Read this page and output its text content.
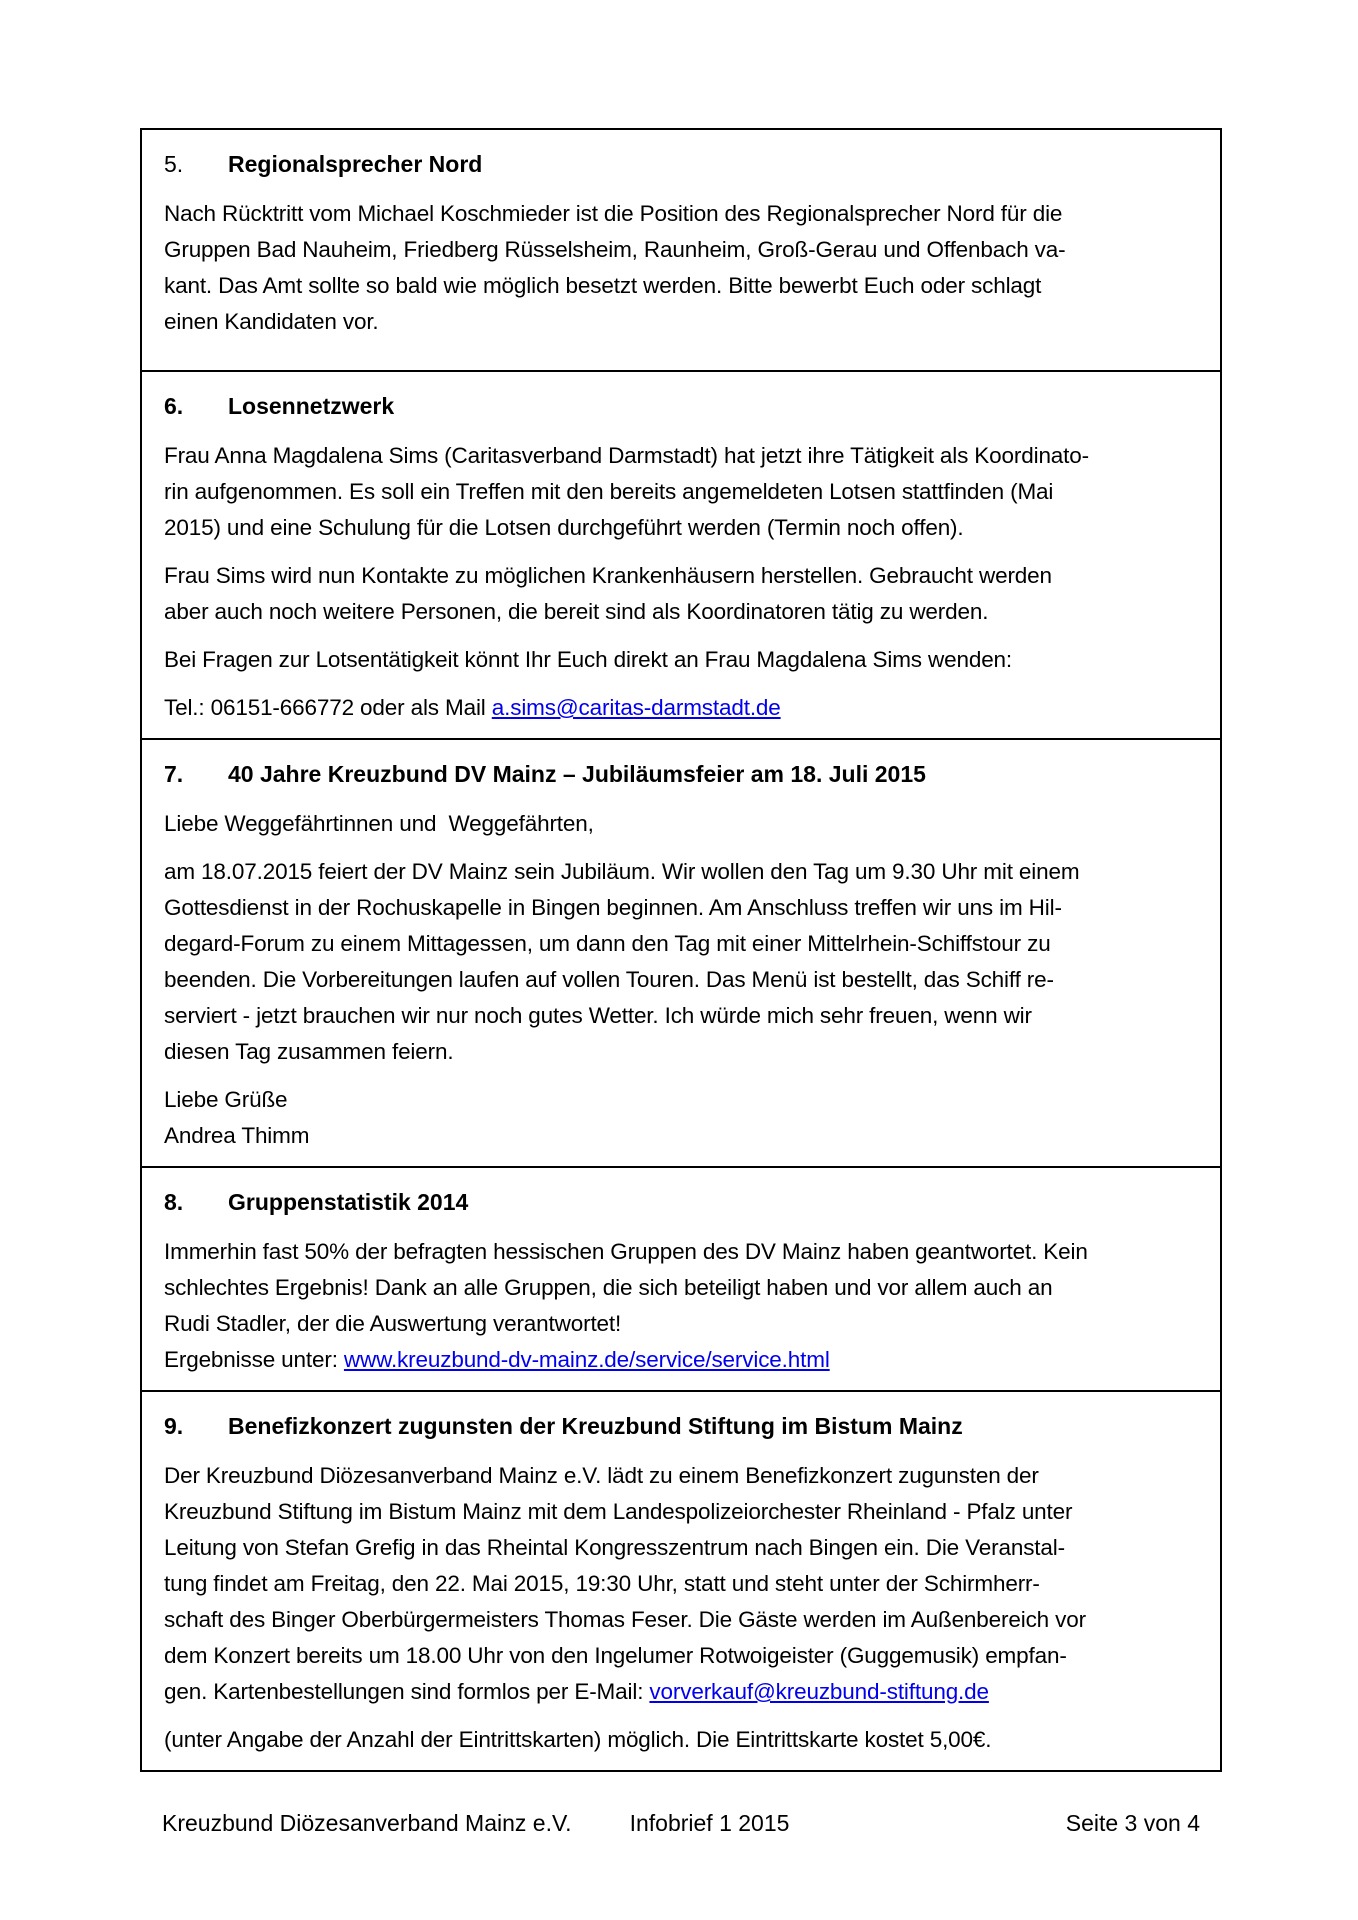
5. Regionalsprecher Nord
Nach Rücktritt vom Michael Koschmieder ist die Position des Regionalsprecher Nord für die
Gruppen Bad Nauheim, Friedberg Rüsselsheim, Raunheim, Groß-Gerau und Offenbach va-
kant. Das Amt sollte so bald wie möglich besetzt werden. Bitte bewerbt Euch oder schlagt
einen Kandidaten vor.
6. Losennetzwerk
Frau Anna Magdalena Sims (Caritasverband Darmstadt) hat jetzt ihre Tätigkeit als Koordinato-
rin aufgenommen. Es soll ein Treffen mit den bereits angemeldeten Lotsen stattfinden (Mai
2015) und eine Schulung für die Lotsen durchgeführt werden (Termin noch offen).
Frau Sims wird nun Kontakte zu möglichen Krankenhäusern herstellen. Gebraucht werden
aber auch noch weitere Personen, die bereit sind als Koordinatoren tätig zu werden.
Bei Fragen zur Lotsentätigkeit könnt Ihr Euch direkt an Frau Magdalena Sims wenden:
Tel.: 06151-666772 oder als Mail a.sims@caritas-darmstadt.de
7. 40 Jahre Kreuzbund DV Mainz – Jubiläumsfeier am 18. Juli 2015
Liebe Weggefährtinnen und  Weggefährten,
am 18.07.2015 feiert der DV Mainz sein Jubiläum. Wir wollen den Tag um 9.30 Uhr mit einem
Gottesdienst in der Rochuskapelle in Bingen beginnen. Am Anschluss treffen wir uns im Hil-
degard-Forum zu einem Mittagessen, um dann den Tag mit einer Mittelrhein-Schiffstour zu
beenden. Die Vorbereitungen laufen auf vollen Touren. Das Menü ist bestellt, das Schiff re-
serviert - jetzt brauchen wir nur noch gutes Wetter. Ich würde mich sehr freuen, wenn wir
diesen Tag zusammen feiern.
Liebe Grüße
Andrea Thimm
8. Gruppenstatistik 2014
Immerhin fast 50% der befragten hessischen Gruppen des DV Mainz haben geantwortet. Kein
schlechtes Ergebnis! Dank an alle Gruppen, die sich beteiligt haben und vor allem auch an
Rudi Stadler, der die Auswertung verantwortet!
Ergebnisse unter: www.kreuzbund-dv-mainz.de/service/service.html
9. Benefizkonzert zugunsten der Kreuzbund Stiftung im Bistum Mainz
Der Kreuzbund Diözesanverband Mainz e.V. lädt zu einem Benefizkonzert zugunsten der
Kreuzbund Stiftung im Bistum Mainz mit dem Landespolizeiorchester Rheinland - Pfalz unter
Leitung von Stefan Grefig in das Rheintal Kongresszentrum nach Bingen ein. Die Veranstal-
tung findet am Freitag, den 22. Mai 2015, 19:30 Uhr, statt und steht unter der Schirmherr-
schaft des Binger Oberbürgermeisters Thomas Feser. Die Gäste werden im Außenbereich vor
dem Konzert bereits um 18.00 Uhr von den Ingelumer Rotwoigeister (Guggemusik) empfan-
gen. Kartenbestellungen sind formlos per E-Mail: vorverkauf@kreuzbund-stiftung.de
(unter Angabe der Anzahl der Eintrittskarten) möglich. Die Eintrittskarte kostet 5,00€.
Kreuzbund Diözesanverband Mainz e.V.	Infobrief 1 2015	Seite 3 von 4
